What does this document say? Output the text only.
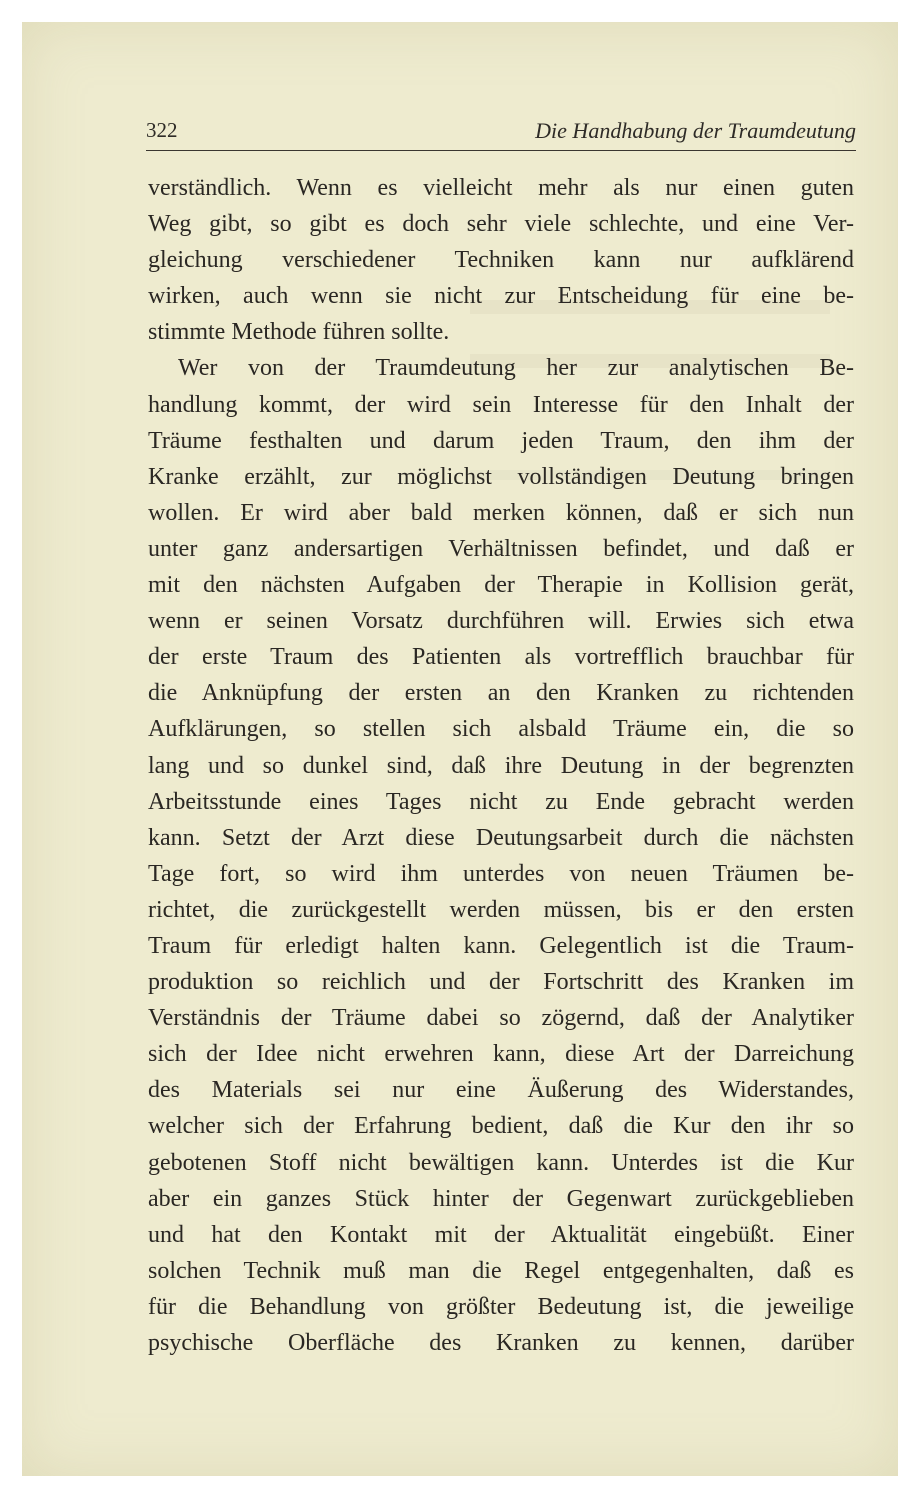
322	Die Handhabung der Traumdeutung
verständlich. Wenn es vielleicht mehr als nur einen guten
Weg gibt, so gibt es doch sehr viele schlechte, und eine Ver-
gleichung verschiedener Techniken kann nur aufklärend
wirken, auch wenn sie nicht zur Entscheidung für eine be-
stimmte Methode führen sollte.
Wer von der Traumdeutung her zur analytischen Be-
handlung kommt, der wird sein Interesse für den Inhalt der
Träume festhalten und darum jeden Traum, den ihm der
Kranke erzählt, zur möglichst vollständigen Deutung bringen
wollen. Er wird aber bald merken können, daß er sich nun
unter ganz andersartigen Verhältnissen befindet, und daß er
mit den nächsten Aufgaben der Therapie in Kollision gerät,
wenn er seinen Vorsatz durchführen will. Erwies sich etwa
der erste Traum des Patienten als vortrefflich brauchbar für
die Anknüpfung der ersten an den Kranken zu richtenden
Aufklärungen, so stellen sich alsbald Träume ein, die so
lang und so dunkel sind, daß ihre Deutung in der begrenzten
Arbeitsstunde eines Tages nicht zu Ende gebracht werden
kann. Setzt der Arzt diese Deutungsarbeit durch die nächsten
Tage fort, so wird ihm unterdes von neuen Träumen be-
richtet, die zurückgestellt werden müssen, bis er den ersten
Traum für erledigt halten kann. Gelegentlich ist die Traum-
produktion so reichlich und der Fortschritt des Kranken im
Verständnis der Träume dabei so zögernd, daß der Analytiker
sich der Idee nicht erwehren kann, diese Art der Darreichung
des Materials sei nur eine Äußerung des Widerstandes,
welcher sich der Erfahrung bedient, daß die Kur den ihr so
gebotenen Stoff nicht bewältigen kann. Unterdes ist die Kur
aber ein ganzes Stück hinter der Gegenwart zurückgeblieben
und hat den Kontakt mit der Aktualität eingebüßt. Einer
solchen Technik muß man die Regel entgegenhalten, daß es
für die Behandlung von größter Bedeutung ist, die jeweilige
psychische Oberfläche des Kranken zu kennen, darüber
